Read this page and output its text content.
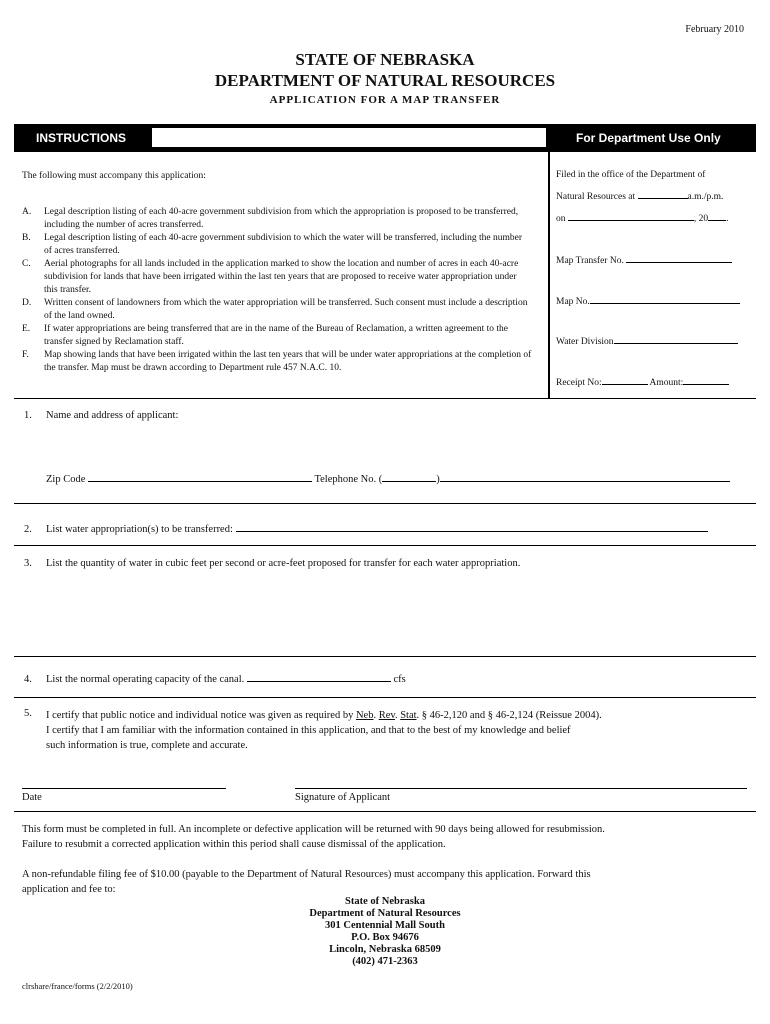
February 2010
STATE OF NEBRASKA
DEPARTMENT OF NATURAL RESOURCES
APPLICATION FOR A MAP TRANSFER
INSTRUCTIONS	For Department Use Only
The following must accompany this application:
A.	Legal description listing of each 40-acre government subdivision from which the appropriation is proposed to be transferred, including the number of acres transferred.
B.	Legal description listing of each 40-acre government subdivision to which the water will be transferred, including the number of acres transferred.
C.	Aerial photographs for all lands included in the application marked to show the location and number of acres in each 40-acre subdivision for lands that have been irrigated within the last ten years that are proposed to receive water appropriation under this transfer.
D.	Written consent of landowners from which the water appropriation will be transferred. Such consent must include a description of the land owned.
E.	If water appropriations are being transferred that are in the name of the Bureau of Reclamation, a written agreement to the transfer signed by Reclamation staff.
F.	Map showing lands that have been irrigated within the last ten years that will be under water appropriations at the completion of the transfer. Map must be drawn according to Department rule 457 N.A.C. 10.
Filed in the office of the Department of
Natural Resources at	a.m./p.m.
on	, 20 .
Map Transfer No.
Map No.
Water Division
Receipt No:	Amount:
1. Name and address of applicant:
Zip Code	Telephone No. (	)
2. List water appropriation(s) to be transferred:
3. List the quantity of water in cubic feet per second or acre-feet proposed for transfer for each water appropriation.
4. List the normal operating capacity of the canal.	cfs
5. I certify that public notice and individual notice was given as required by Neb. Rev. Stat. § 46-2,120 and § 46-2,124 (Reissue 2004).
I certify that I am familiar with the information contained in this application, and that to the best of my knowledge and belief
such information is true, complete and accurate.
Date	Signature of Applicant
This form must be completed in full. An incomplete or defective application will be returned with 90 days being allowed for resubmission.
Failure to resubmit a corrected application within this period shall cause dismissal of the application.
A non-refundable filing fee of $10.00 (payable to the Department of Natural Resources) must accompany this application. Forward this
application and fee to:
State of Nebraska
Department of Natural Resources
301 Centennial Mall South
P.O. Box 94676
Lincoln, Nebraska 68509
(402) 471-2363
clrshare/france/forms (2/2/2010)
